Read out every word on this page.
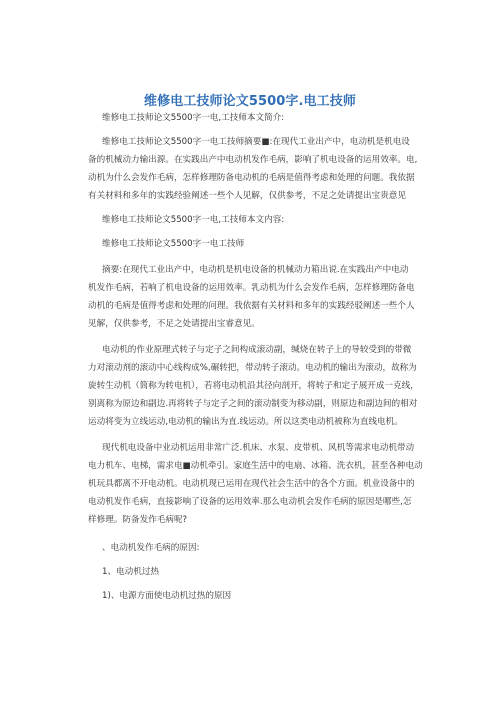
维修电工技师论文5500字.电工技师
维修电工技师论文5500字一电,工技师本文简介:
维修电工技师论文5500字一电工技师摘要■:在现代工业出产中，电动机是机电设
备的机械动力输出源。在实践出产中电动机发作毛病，影响了机电设备的运用效率。电,
动机为什么会发作毛病，怎样修理防备电动机的毛病是值得考虑和处理的问题。我依据
有关材料和多年的实践经验阐述一些个人见解，仅供参考，不足之处请提出宝贵意见
维修电工技师论文5500字一电,工技师本文内容:
维修电工技师论文5500字一电工技师
摘要:在现代工业出产中，电动机是机电设备的机械动力箱出说.在实践出产中电动
机发作毛病，若响了机电设备的运用效率。乳动机为什么会发作毛病，怎样修理防备电
动机的毛病是值得考虑和处理的问理。我依据有关材料和多年的实践经驳阐述一些个人
见解，仅供参考，不足之处请提出宝睿意见。
电动机的作业原理式转子与定子之间构成滚动副，缄烧在转子上的导较受到的带微
力对滚动剂的滚动中心线构成%,碾转把，带动转子滚动。电动机的输出为滚动，故称为
旋转生动机（简称为转电机），若将电动机沿其径向剖开，将转子和定子展开成一克线，
别离称为原边和副边.再将转子与定子之间的滚动制变为移动副，则原边和副边间的相对
运动将变为立线运动,电动机的输出为直.线运动。所以这类电动机被称为直线电机。
现代机电设备中业动机运用非常广泛.机床、水泵、皮带机、风机等需求电动机带动
电力机车、电梯，需求电■动机牵引。家庭生活中的电扇、冰箱、洗衣机，甚至各种电动
机玩具都离不开电动机。电动机现已运用在现代社会生活中的各个方面。机业设备中的
电动机发作毛病，直接影响了设备的运用效率.那么电动机会发作毛病的原因是哪些,怎
样修理。防备发作毛病呢?
、电动机发作毛病的原因:
1、电动机过热
1)、电源方面使电动机过热的原因
